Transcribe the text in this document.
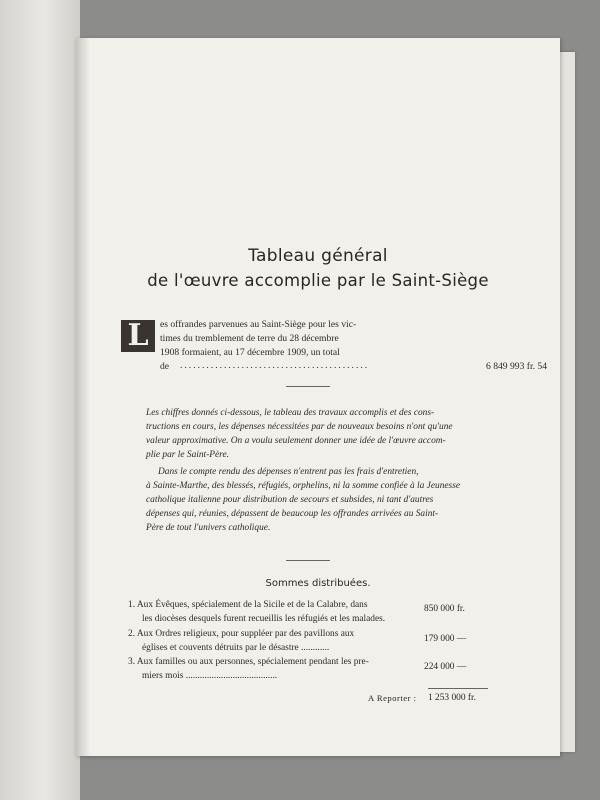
Tableau général
de l'œuvre accomplie par le Saint-Siège
L	es offrandes parvenues au Saint-Siège pour les vic-
times du tremblement de terre du 28 décembre
1908 formaient, au 17 décembre 1909, un total
de ...........................................	6 849 993 fr. 54
Les chiffres donnés ci-dessous, le tableau des travaux accomplis et des cons-
tructions en cours, les dépenses nécessitées par de nouveaux besoins n'ont qu'une
valeur approximative. On a voulu seulement donner une idée de l'œuvre accom-
plie par le Saint-Père.
Dans le compte rendu des dépenses n'entrent pas les frais d'entretien,
à Sainte-Marthe, des blessés, réfugiés, orphelins, ni la somme confiée à la Jeunesse
catholique italienne pour distribution de secours et subsides, ni tant d'autres
dépenses qui, réunies, dépassent de beaucoup les offrandes arrivées au Saint-
Père de tout l'univers catholique.
Sommes distribuées.
1. Aux Évêques, spécialement de la Sicile et de la Calabre, dans
les diocèses desquels furent recueillis les réfugiés et les malades.
850 000 fr.
2. Aux Ordres religieux, pour suppléer par des pavillons aux
églises et couvents détruits par le désastre ............
179 000 —
3. Aux familles ou aux personnes, spécialement pendant les pre-
miers mois .......................................
224 000 —
A Reporter : 1 253 000 fr.
